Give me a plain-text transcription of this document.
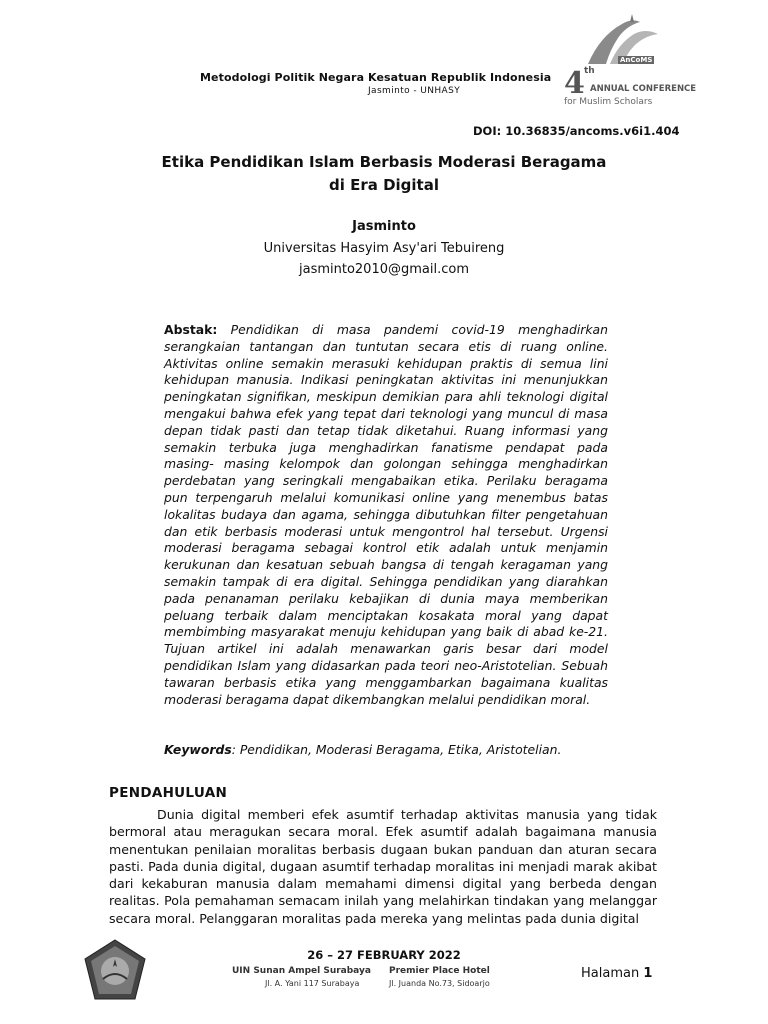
Metodologi Politik Negara Kesatuan Republik Indonesia
Jasminto - UNHASY	4 th
AnCoMS
ANNUAL CONFERENCE
for Muslim Scholars
DOI: 10.36835/ancoms.v6i1.404
Etika Pendidikan Islam Berbasis Moderasi Beragama
di Era Digital
Jasminto
Universitas Hasyim Asy'ari Tebuireng
jasminto2010@gmail.com
Abstak: Pendidikan di masa pandemi covid-19 menghadirkan serangkaian tantangan dan tuntutan secara etis di ruang online. Aktivitas online semakin merasuki kehidupan praktis di semua lini kehidupan manusia. Indikasi peningkatan aktivitas ini menunjukkan peningkatan signifikan, meskipun demikian para ahli teknologi digital mengakui bahwa efek yang tepat dari teknologi yang muncul di masa depan tidak pasti dan tetap tidak diketahui. Ruang informasi yang semakin terbuka juga menghadirkan fanatisme pendapat pada masing- masing kelompok dan golongan sehingga menghadirkan perdebatan yang seringkali mengabaikan etika. Perilaku beragama pun terpengaruh melalui komunikasi online yang menembus batas lokalitas budaya dan agama, sehingga dibutuhkan filter pengetahuan dan etik berbasis moderasi untuk mengontrol hal tersebut. Urgensi moderasi beragama sebagai kontrol etik adalah untuk menjamin kerukunan dan kesatuan sebuah bangsa di tengah keragaman yang semakin tampak di era digital. Sehingga pendidikan yang diarahkan pada penanaman perilaku kebajikan di dunia maya memberikan peluang terbaik dalam menciptakan kosakata moral yang dapat membimbing masyarakat menuju kehidupan yang baik di abad ke-21. Tujuan artikel ini adalah menawarkan garis besar dari model pendidikan Islam yang didasarkan pada teori neo-Aristotelian. Sebuah tawaran berbasis etika yang menggambarkan bagaimana kualitas moderasi beragama dapat dikembangkan melalui pendidikan moral.
Keywords: Pendidikan, Moderasi Beragama, Etika, Aristotelian.
PENDAHULUAN
Dunia digital memberi efek asumtif terhadap aktivitas manusia yang tidak bermoral atau meragukan secara moral. Efek asumtif adalah bagaimana manusia menentukan penilaian moralitas berbasis dugaan bukan panduan dan aturan secara pasti. Pada dunia digital, dugaan asumtif terhadap moralitas ini menjadi marak akibat dari kekaburan manusia dalam memahami dimensi digital yang berbeda dengan realitas. Pola pemahaman semacam inilah yang melahirkan tindakan yang melanggar secara moral. Pelanggaran moralitas pada mereka yang melintas pada dunia digital
26 – 27 FEBRUARY 2022
UIN Sunan Ampel Surabaya Premier Place Hotel
Jl. A. Yani 117 Surabaya	Jl. Juanda No.73, Sidoarjo
Halaman 1
